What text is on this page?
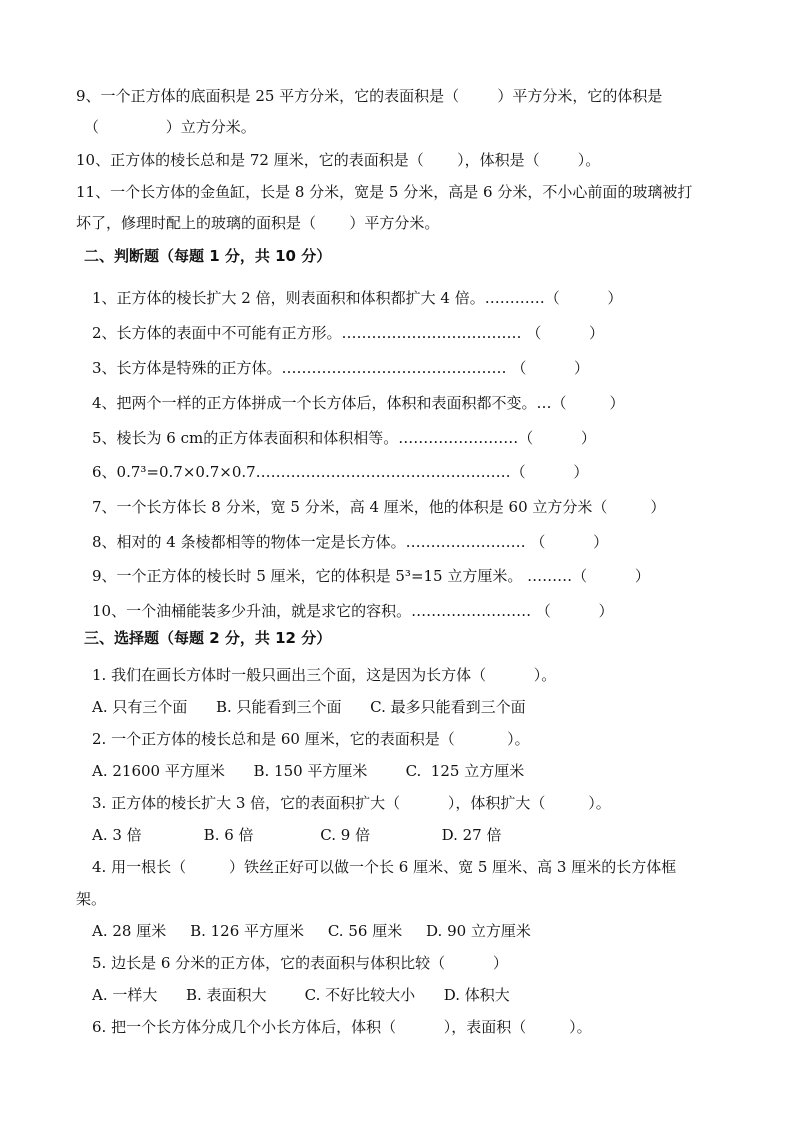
9、一个正方体的底面积是 25 平方分米，它的表面积是（        ）平方分米，它的体积是
（              ）立方分米。
10、正方体的棱长总和是 72 厘米，它的表面积是（       ），体积是（        ）。
11、一个长方体的金鱼缸，长是 8 分米，宽是 5 分米，高是 6 分米，不小心前面的玻璃被打
坏了，修理时配上的玻璃的面积是（       ）平方分米。
二、判断题（每题 1 分，共 10 分）
1、正方体的棱长扩大 2 倍，则表面积和体积都扩大 4 倍。…………（          ）
2、长方体的表面中不可能有正方形。……………………………… （          ）
3、长方体是特殊的正方体。……………………………………… （          ）
4、把两个一样的正方体拼成一个长方体后，体积和表面积都不变。…（         ）
5、棱长为 6 cm的正方体表面积和体积相等。……………………（          ）
6、0.7³=0.7×0.7×0.7……………………………………………（          ）
7、一个长方体长 8 分米，宽 5 分米，高 4 厘米，他的体积是 60 立方分米（         ）
8、相对的 4 条棱都相等的物体一定是长方体。…………………… （          ）
9、一个正方体的棱长时 5 厘米，它的体积是 5³=15 立方厘米。 ………（          ）
10、一个油桶能装多少升油，就是求它的容积。…………………… （          ）
三、选择题（每题 2 分，共 12 分）
1. 我们在画长方体时一般只画出三个面，这是因为长方体（          ）。
A. 只有三个面      B. 只能看到三个面      C. 最多只能看到三个面
2. 一个正方体的棱长总和是 60 厘米，它的表面积是（           ）。
A. 21600 平方厘米      B. 150 平方厘米        C.  125 立方厘米
3. 正方体的棱长扩大 3 倍，它的表面积扩大（          ），体积扩大（         ）。
A. 3 倍             B. 6 倍              C. 9 倍               D. 27 倍
4. 用一根长（         ）铁丝正好可以做一个长 6 厘米、宽 5 厘米、高 3 厘米的长方体框
架。
A. 28 厘米     B. 126 平方厘米     C. 56 厘米     D. 90 立方厘米
5. 边长是 6 分米的正方体，它的表面积与体积比较（          ）
A. 一样大      B. 表面积大        C. 不好比较大小      D. 体积大
6. 把一个长方体分成几个小长方体后，体积（          ），表面积（         ）。
